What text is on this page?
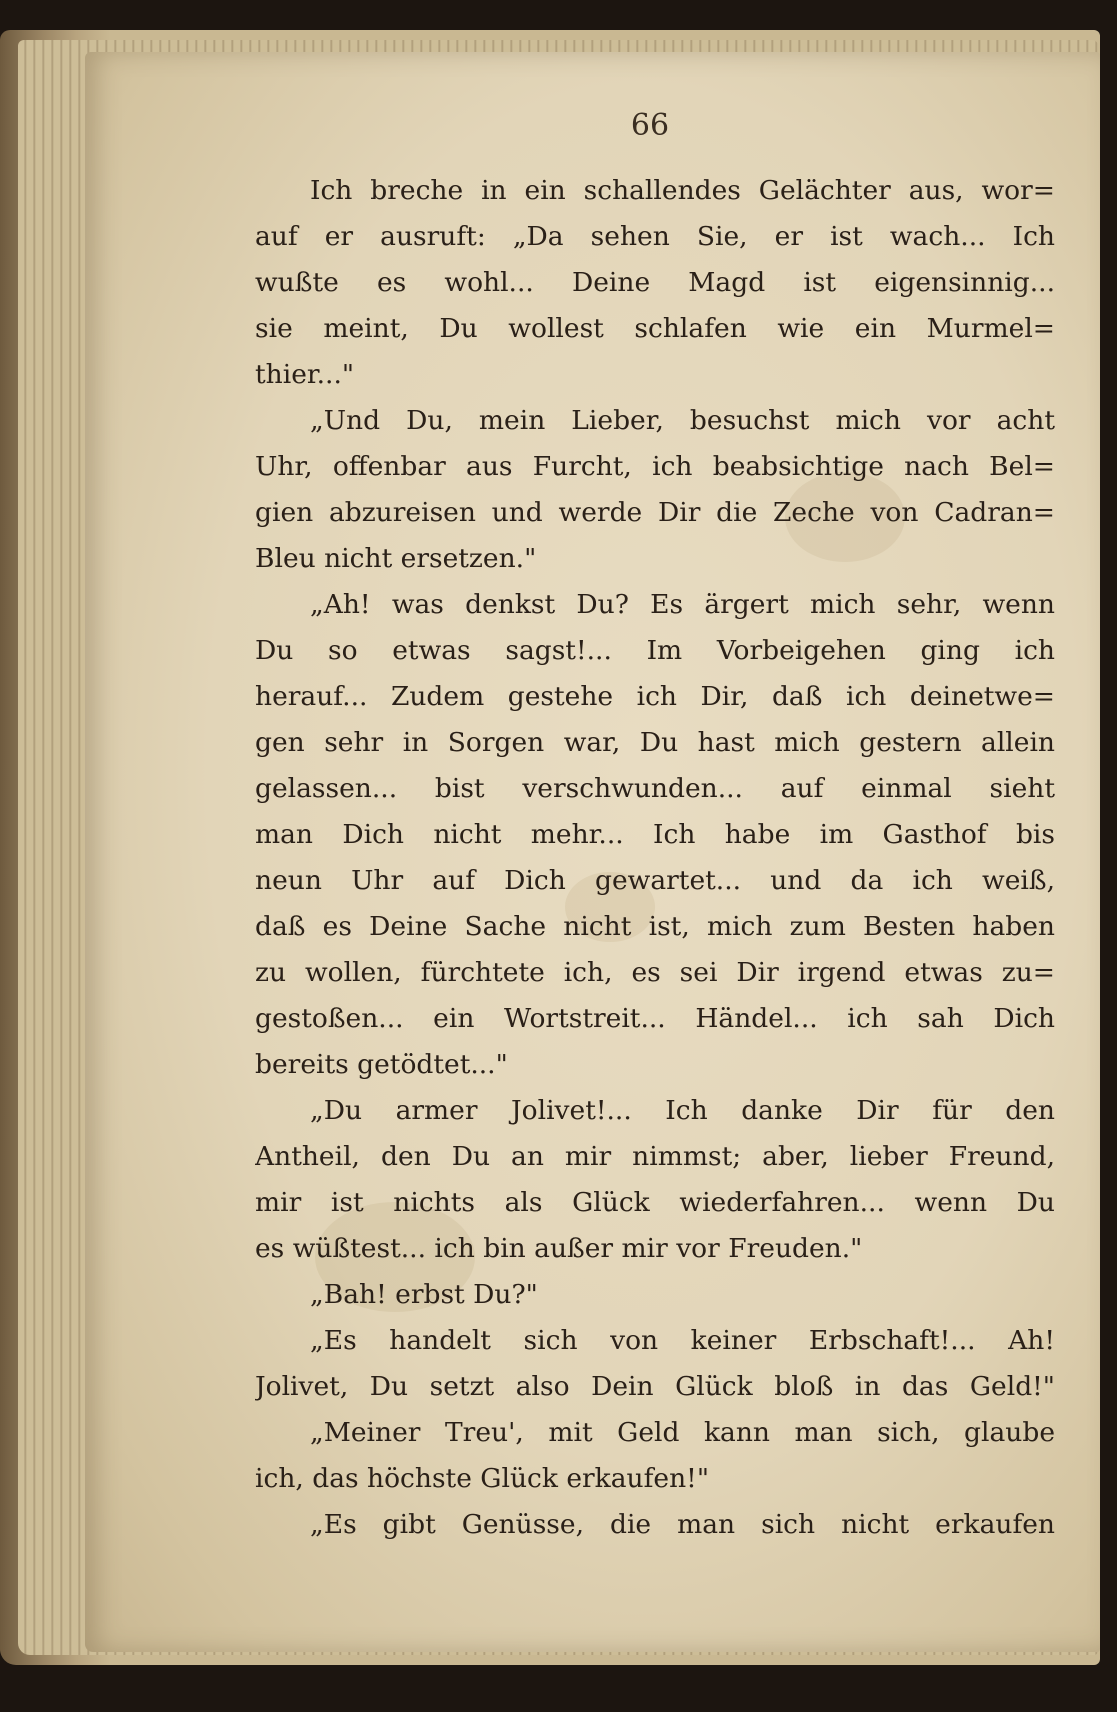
66
Ich breche in ein schallendes Gelächter aus, wor=
auf er ausruft: „Da sehen Sie, er ist wach... Ich
wußte es wohl... Deine Magd ist eigensinnig...
sie meint, Du wollest schlafen wie ein Murmel=
thier..."
„Und Du, mein Lieber, besuchst mich vor acht
Uhr, offenbar aus Furcht, ich beabsichtige nach Bel=
gien abzureisen und werde Dir die Zeche von Cadran=
Bleu nicht ersetzen."
„Ah! was denkst Du? Es ärgert mich sehr, wenn
Du so etwas sagst!... Im Vorbeigehen ging ich
herauf... Zudem gestehe ich Dir, daß ich deinetwe=
gen sehr in Sorgen war, Du hast mich gestern allein
gelassen... bist verschwunden... auf einmal sieht
man Dich nicht mehr... Ich habe im Gasthof bis
neun Uhr auf Dich gewartet... und da ich weiß,
daß es Deine Sache nicht ist, mich zum Besten haben
zu wollen, fürchtete ich, es sei Dir irgend etwas zu=
gestoßen... ein Wortstreit... Händel... ich sah Dich
bereits getödtet..."
„Du armer Jolivet!... Ich danke Dir für den
Antheil, den Du an mir nimmst; aber, lieber Freund,
mir ist nichts als Glück wiederfahren... wenn Du
es wüßtest... ich bin außer mir vor Freuden."
„Bah! erbst Du?"
„Es handelt sich von keiner Erbschaft!... Ah!
Jolivet, Du setzt also Dein Glück bloß in das Geld!"
„Meiner Treu', mit Geld kann man sich, glaube
ich, das höchste Glück erkaufen!"
„Es gibt Genüsse, die man sich nicht erkaufen
